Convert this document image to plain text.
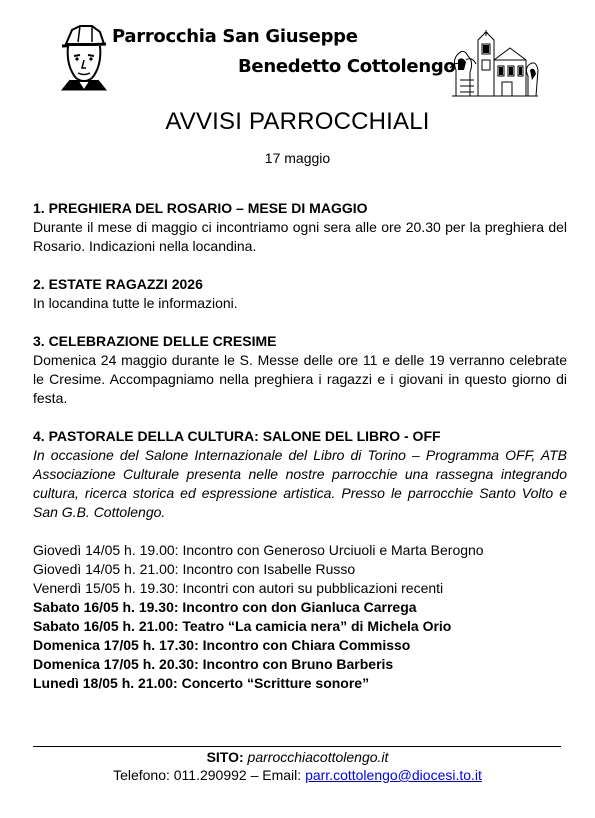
Parrocchia San Giuseppe
Benedetto Cottolengo
AVVISI PARROCCHIALI
17 maggio
1. PREGHIERA DEL ROSARIO – MESE DI MAGGIO
Durante il mese di maggio ci incontriamo ogni sera alle ore 20.30 per la preghiera del Rosario. Indicazioni nella locandina.
2. ESTATE RAGAZZI 2026
In locandina tutte le informazioni.
3. CELEBRAZIONE DELLE CRESIME
Domenica 24 maggio durante le S. Messe delle ore 11 e delle 19 verranno celebrate le Cresime. Accompagniamo nella preghiera i ragazzi e i giovani in questo giorno di festa.
4. PASTORALE DELLA CULTURA: SALONE DEL LIBRO - OFF
In occasione del Salone Internazionale del Libro di Torino – Programma OFF, ATB Associazione Culturale presenta nelle nostre parrocchie una rassegna integrando cultura, ricerca storica ed espressione artistica. Presso le parrocchie Santo Volto e San G.B. Cottolengo.
Giovedì 14/05 h. 19.00: Incontro con Generoso Urciuoli e Marta Berogno
Giovedì 14/05 h. 21.00: Incontro con Isabelle Russo
Venerdì 15/05 h. 19.30: Incontri con autori su pubblicazioni recenti
Sabato 16/05 h. 19.30: Incontro con don Gianluca Carrega
Sabato 16/05 h. 21.00: Teatro “La camicia nera” di Michela Orio
Domenica 17/05 h. 17.30: Incontro con Chiara Commisso
Domenica 17/05 h. 20.30: Incontro con Bruno Barberis
Lunedì 18/05 h. 21.00: Concerto “Scritture sonore”
SITO: parrocchiacottolengo.it
Telefono: 011.290992 – Email: parr.cottolengo@diocesi.to.it
